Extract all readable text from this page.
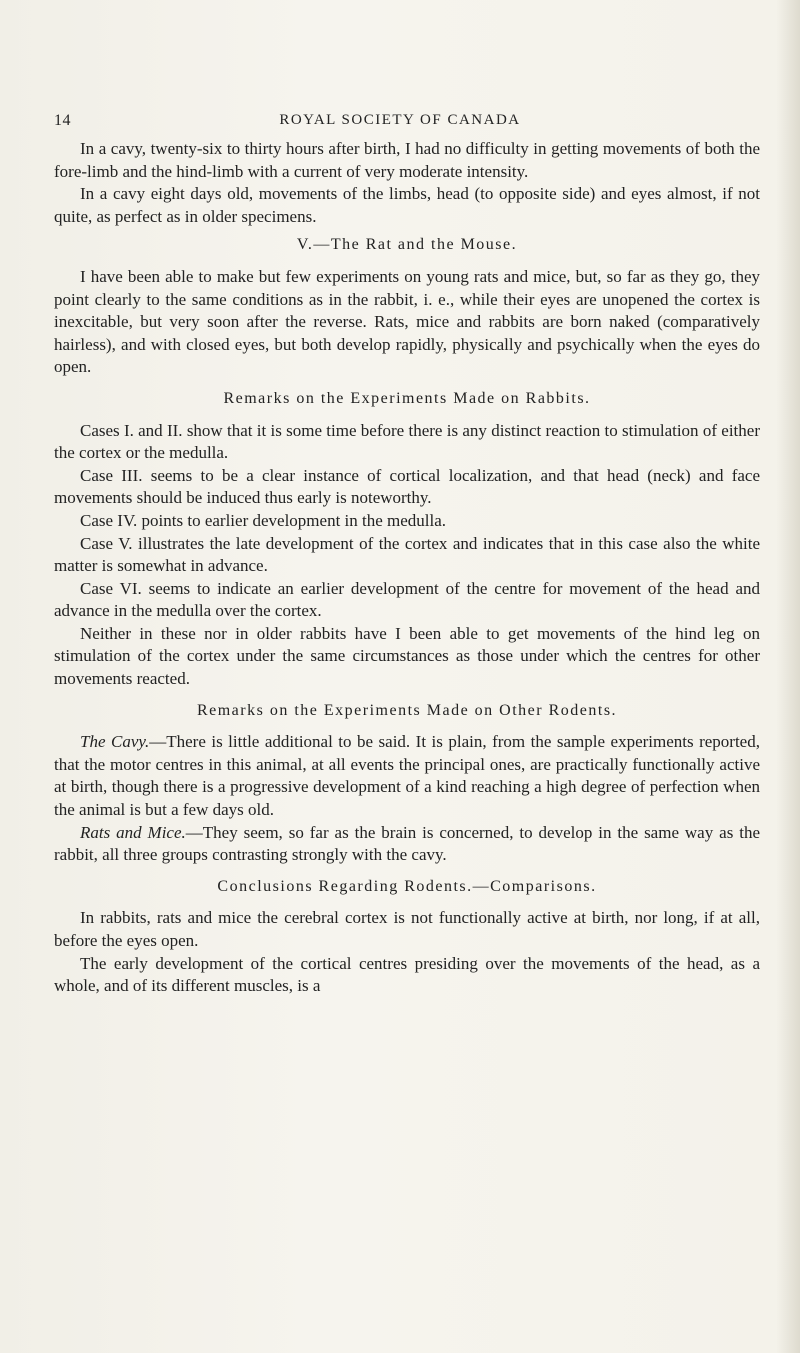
14	ROYAL SOCIETY OF CANADA

In a cavy, twenty-six to thirty hours after birth, I had no difficulty in getting movements of both the fore-limb and the hind-limb with a current of very moderate intensity.

In a cavy eight days old, movements of the limbs, head (to opposite side) and eyes almost, if not quite, as perfect as in older specimens.

V.—The Rat and the Mouse.

I have been able to make but few experiments on young rats and mice, but, so far as they go, they point clearly to the same conditions as in the rabbit, i. e., while their eyes are unopened the cortex is inexcitable, but very soon after the reverse. Rats, mice and rabbits are born naked (comparatively hairless), and with closed eyes, but both develop rapidly, physically and psychically when the eyes do open.

Remarks on the Experiments Made on Rabbits.

Cases I. and II. show that it is some time before there is any distinct reaction to stimulation of either the cortex or the medulla.

Case III. seems to be a clear instance of cortical localization, and that head (neck) and face movements should be induced thus early is noteworthy.

Case IV. points to earlier development in the medulla.

Case V. illustrates the late development of the cortex and indicates that in this case also the white matter is somewhat in advance.

Case VI. seems to indicate an earlier development of the centre for movement of the head and advance in the medulla over the cortex.

Neither in these nor in older rabbits have I been able to get movements of the hind leg on stimulation of the cortex under the same circumstances as those under which the centres for other movements reacted.

Remarks on the Experiments Made on Other Rodents.

The Cavy.—There is little additional to be said. It is plain, from the sample experiments reported, that the motor centres in this animal, at all events the principal ones, are practically functionally active at birth, though there is a progressive development of a kind reaching a high degree of perfection when the animal is but a few days old.

Rats and Mice.—They seem, so far as the brain is concerned, to develop in the same way as the rabbit, all three groups contrasting strongly with the cavy.

Conclusions Regarding Rodents.—Comparisons.

In rabbits, rats and mice the cerebral cortex is not functionally active at birth, nor long, if at all, before the eyes open.

The early development of the cortical centres presiding over the movements of the head, as a whole, and of its different muscles, is a
